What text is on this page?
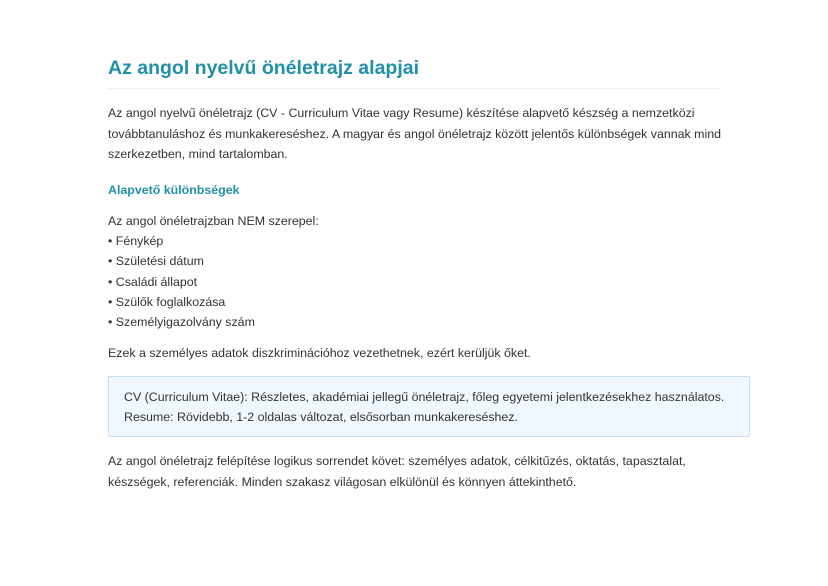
Az angol nyelvű önéletrajz alapjai

Az angol nyelvű önéletrajz (CV - Curriculum Vitae vagy Resume) készítése alapvető készség a nemzetközi továbbtanuláshoz és munkakereséshez. A magyar és angol önéletrajz között jelentős különbségek vannak mind szerkezetben, mind tartalomban.

Alapvető különbségek
Az angol önéletrajzban NEM szerepel:
• Fénykép
• Születési dátum
• Családi állapot
• Szülők foglalkozása
• Személyigazolvány szám

Ezek a személyes adatok diszkriminációhoz vezethetnek, ezért kerüljük őket.

CV (Curriculum Vitae): Részletes, akadémiai jellegű önéletrajz, főleg egyetemi jelentkezésekhez használatos.
Resume: Rövidebb, 1-2 oldalas változat, elsősorban munkakereséshez.

Az angol önéletrajz felépítése logikus sorrendet követ: személyes adatok, célkitűzés, oktatás, tapasztalat, készségek, referenciák. Minden szakasz világosan elkülönül és könnyen áttekinthető.
